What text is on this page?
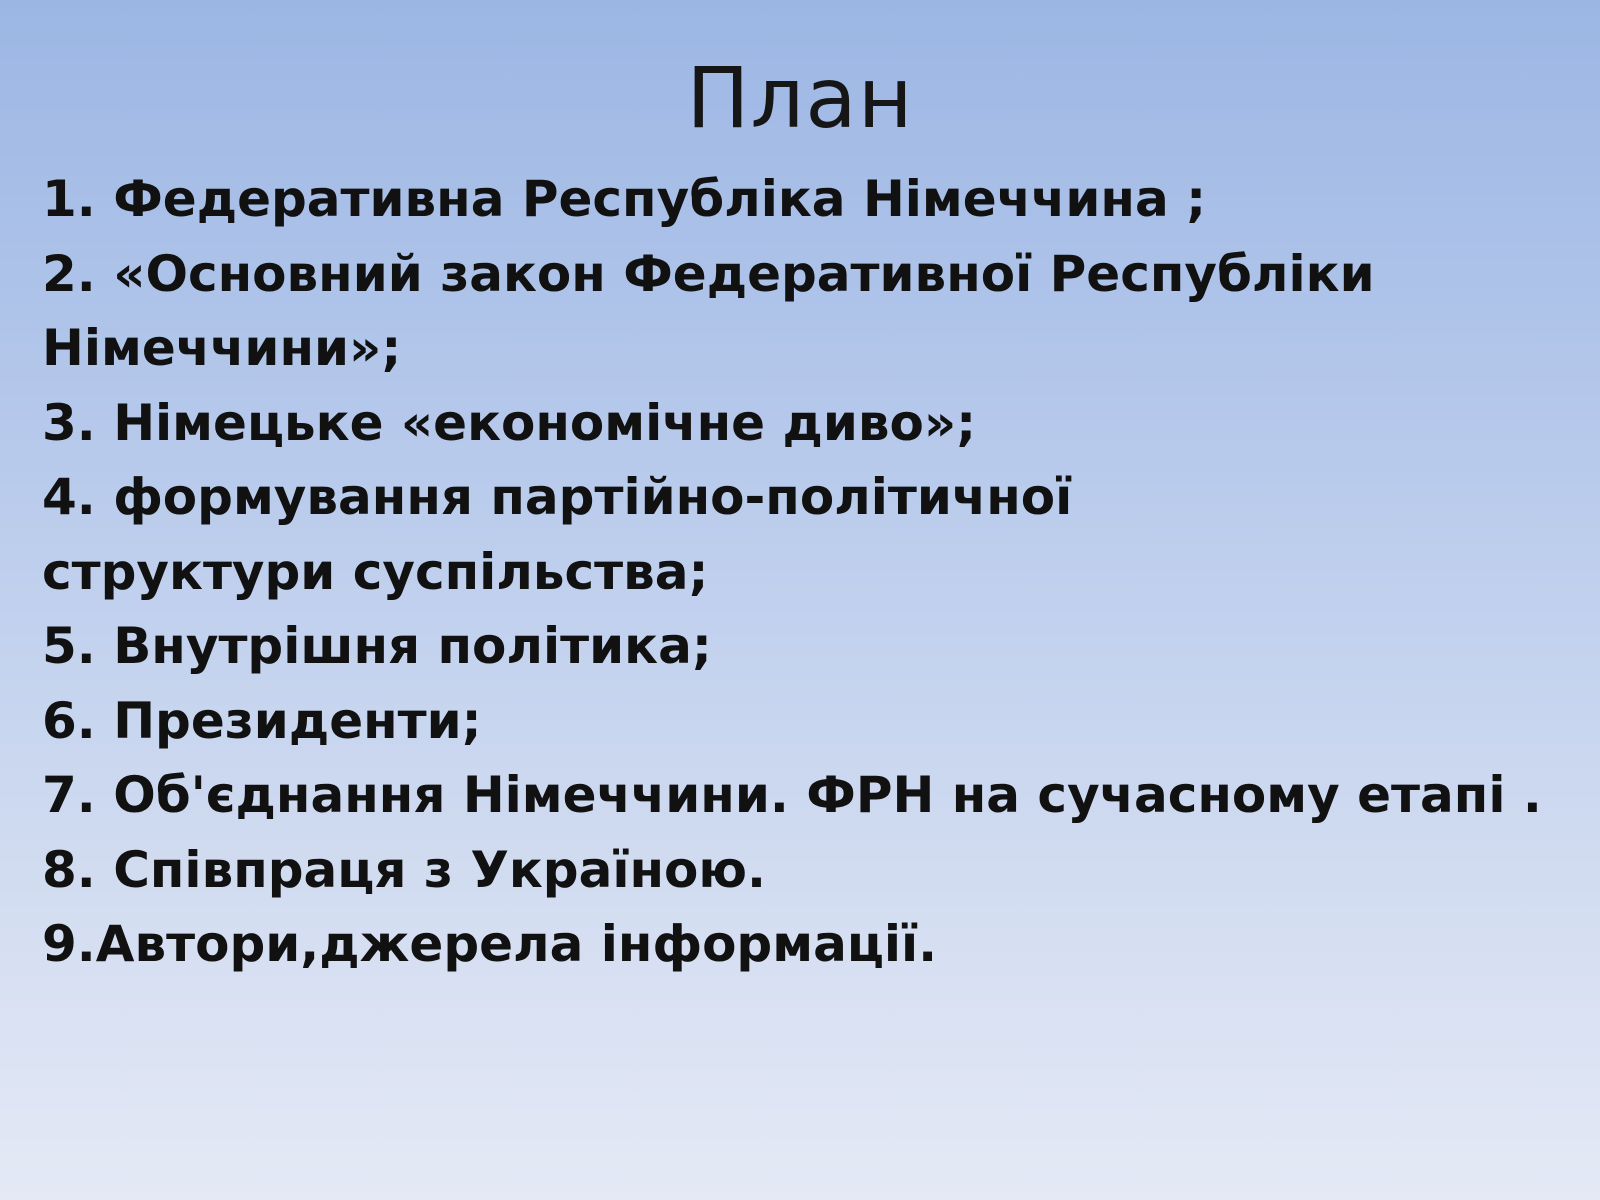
План
1. Федеративна Республіка Німеччина ;
2. «Основний закон Федеративної Республіки
Німеччини»;
3. Німецьке «економічне диво»;
4. формування партійно-політичної
структури суспільства;
5. Внутрішня політика;
6. Президенти;
7. Об'єднання Німеччини. ФРН на сучасному етапі .
8. Співпраця з Україною.
9.Автори,джерела інформації.
